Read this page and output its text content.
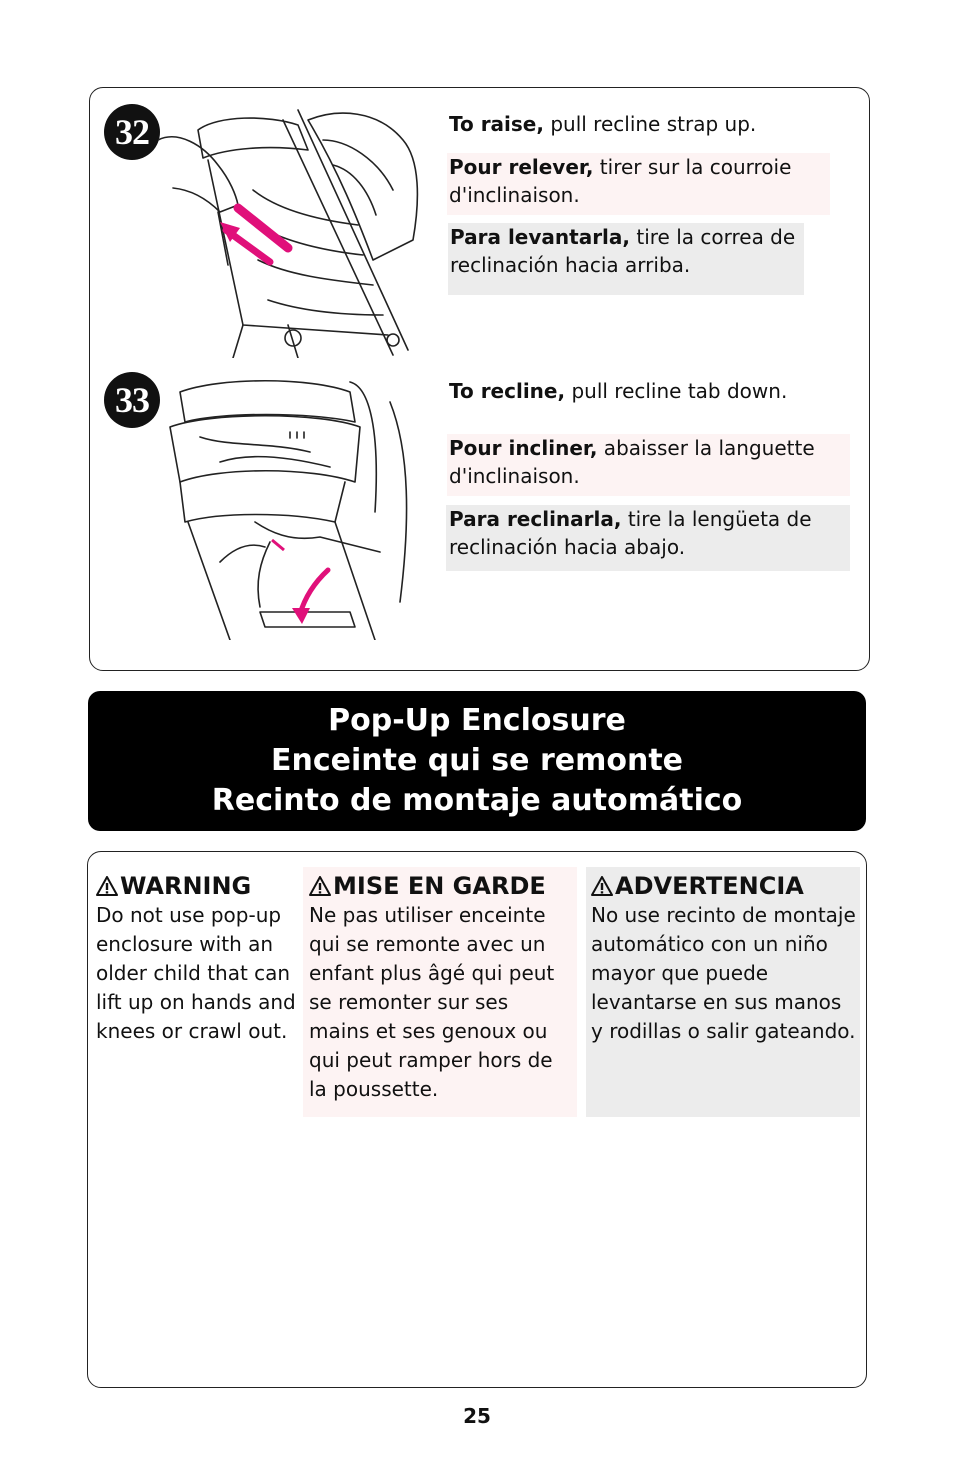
32	To raise, pull recline strap up.
Pour relever, tirer sur la courroie d'inclinaison.
Para levantarla, tire la correa de reclinación hacia arriba.
33	To recline, pull recline tab down.
Pour incliner, abaisser la languette d'inclinaison.
Para reclinarla, tire la lengüeta de reclinación hacia abajo.
Pop-Up Enclosure
Enceinte qui se remonte
Recinto de montaje automático
WARNING
Do not use pop-up enclosure with an older child that can lift up on hands and knees or crawl out.
MISE EN GARDE
Ne pas utiliser enceinte qui se remonte avec un enfant plus âgé qui peut se remonter sur ses mains et ses genoux ou qui peut ramper hors de la poussette.
ADVERTENCIA
No use recinto de montaje automático con un niño mayor que puede levantarse en sus manos y rodillas o salir gateando.
25
